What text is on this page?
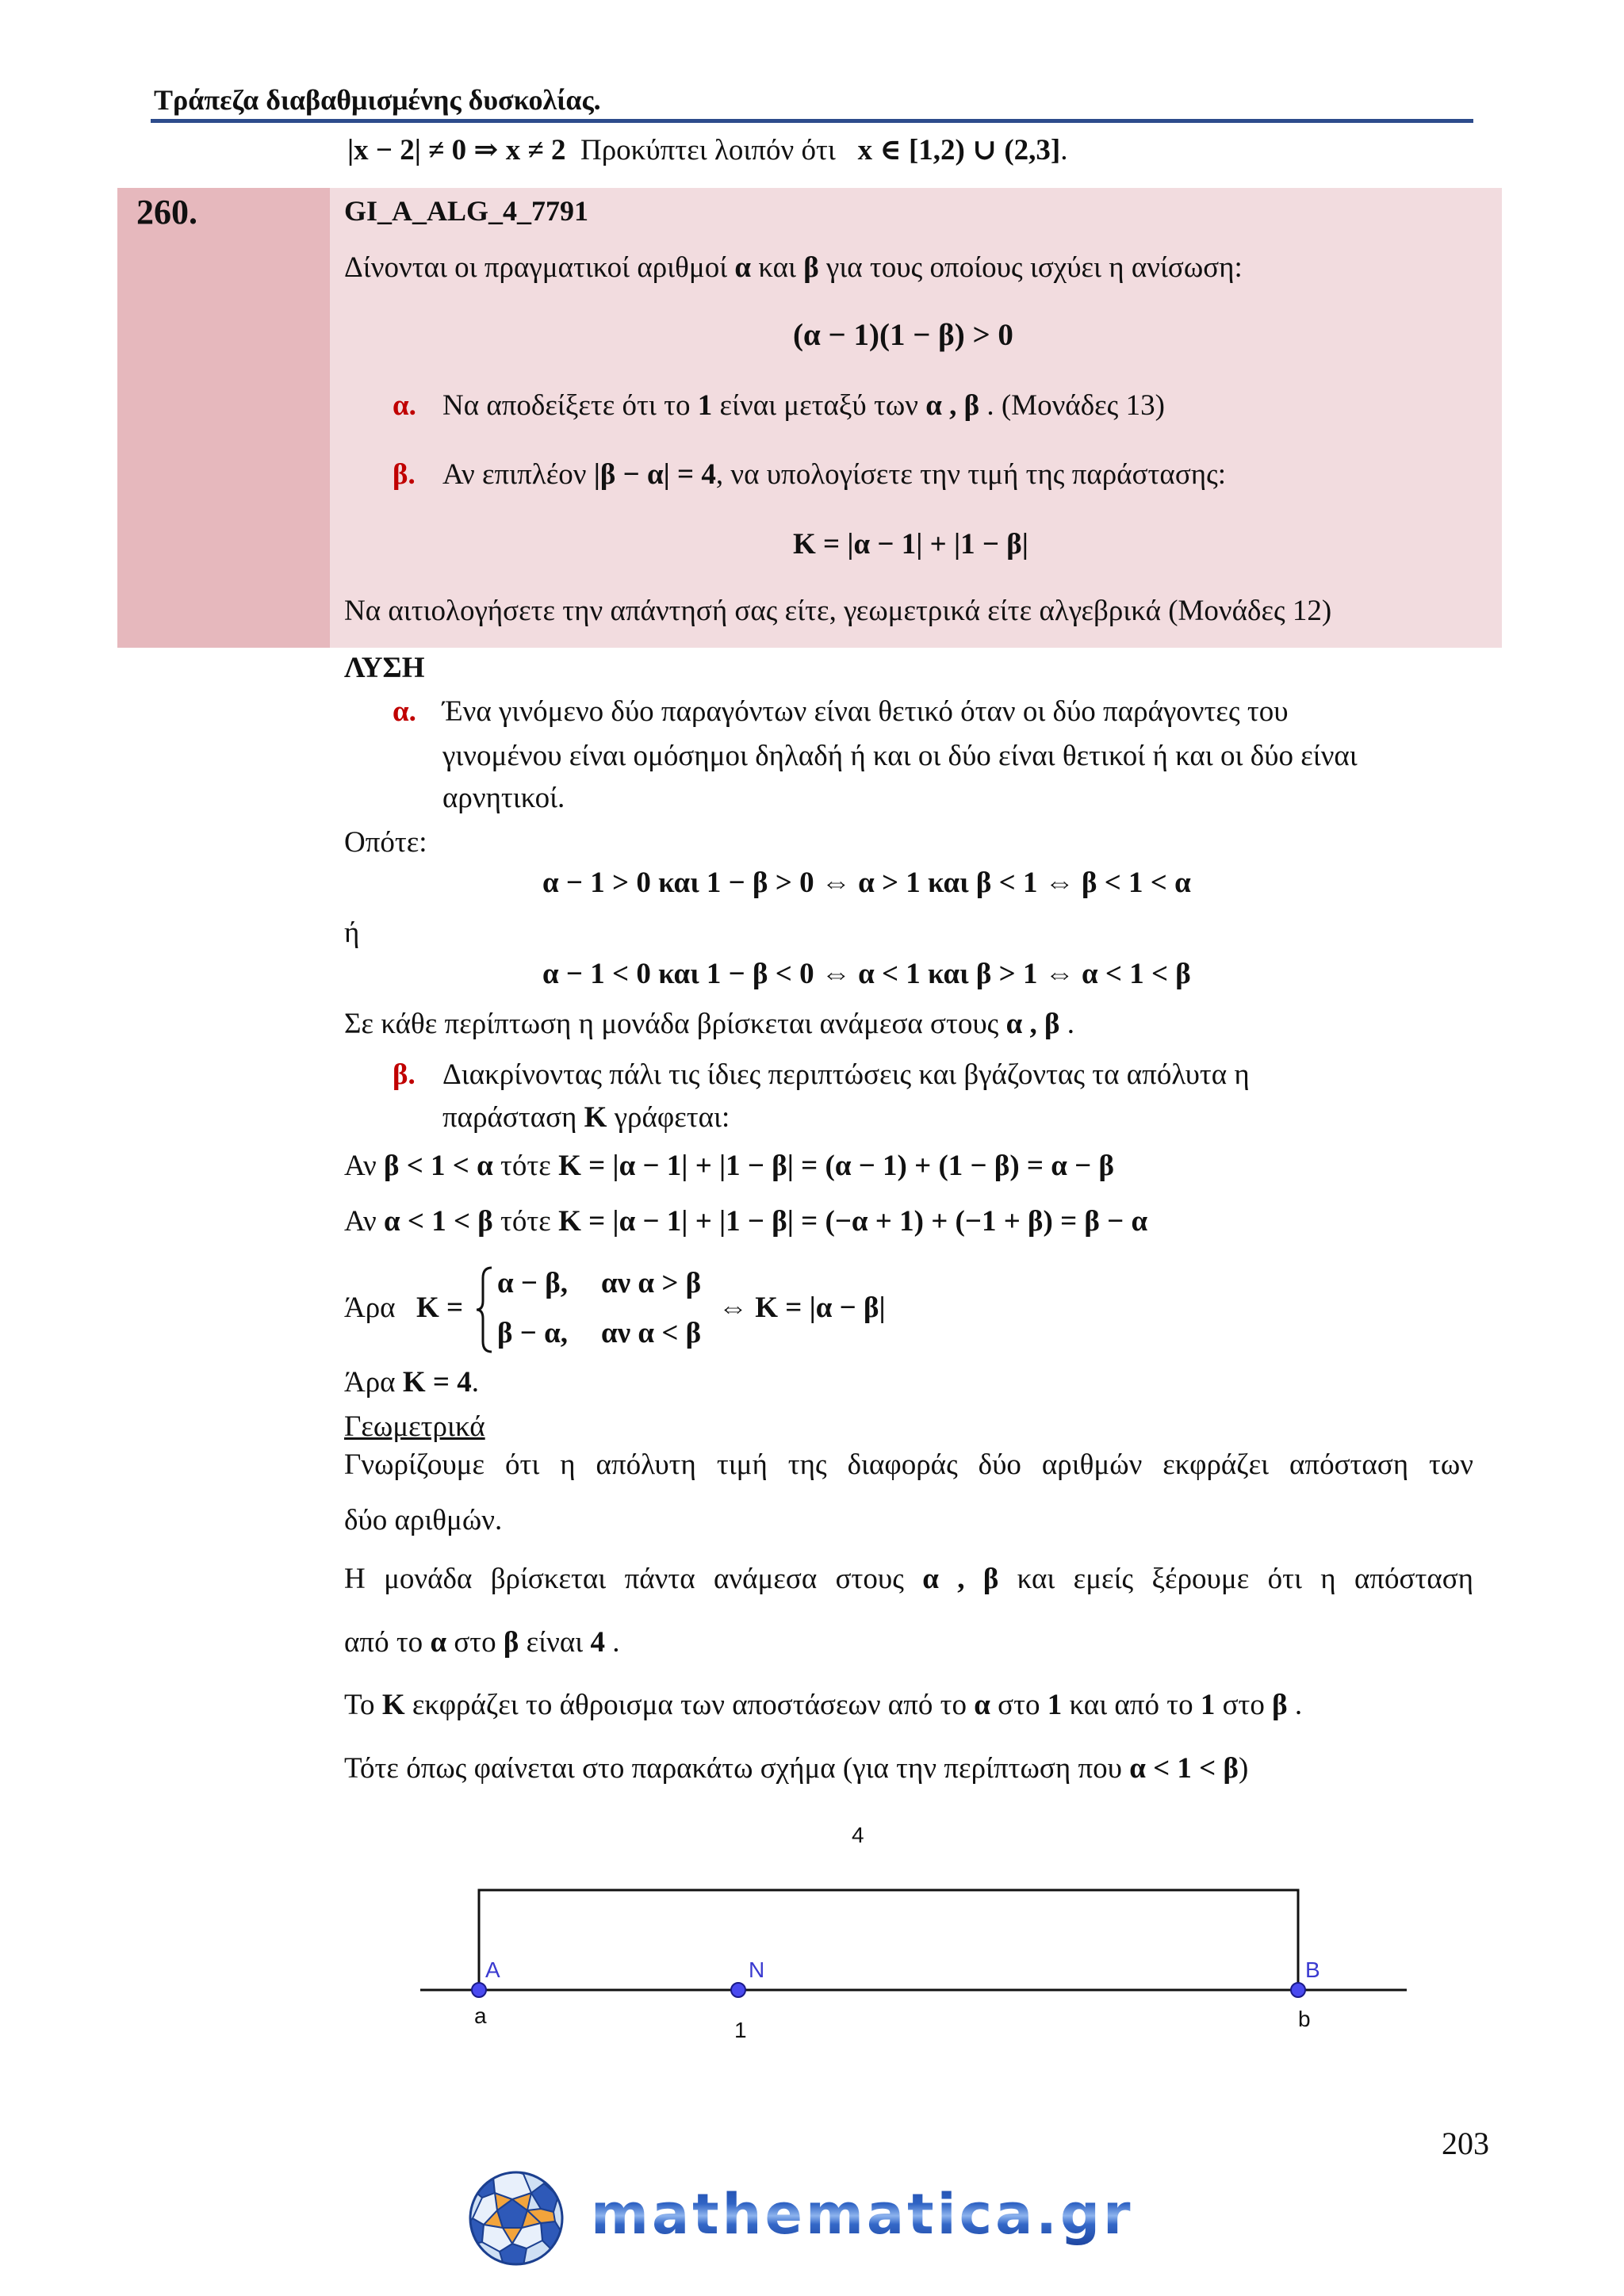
Τράπεζα διαβαθμισμένης δυσκολίας.
|x − 2| ≠ 0 ⇒ x ≠ 2 Προκύπτει λοιπόν ότι x ∈ [1,2) ∪ (2,3].
260.	GI_A_ALG_4_7791
Δίνονται οι πραγματικοί αριθμοί α και β για τους οποίους ισχύει η ανίσωση:
(α − 1)(1 − β) > 0
α. Να αποδείξετε ότι το 1 είναι μεταξύ των α , β . (Μονάδες 13)
β. Αν επιπλέον |β − α| = 4, να υπολογίσετε την τιμή της παράστασης:
K = |α − 1| + |1 − β|
Να αιτιολογήσετε την απάντησή σας είτε, γεωμετρικά είτε αλγεβρικά (Μονάδες 12)
ΛΥΣΗ
α. Ένα γινόμενο δύο παραγόντων είναι θετικό όταν οι δύο παράγοντες του
γινομένου είναι ομόσημοι δηλαδή ή και οι δύο είναι θετικοί ή και οι δύο είναι
αρνητικοί.
Οπότε:
α − 1 > 0 και 1 − β > 0 ⇔ α > 1 και β < 1 ⇔ β < 1 < α
ή
α − 1 < 0 και 1 − β < 0 ⇔ α < 1 και β > 1 ⇔ α < 1 < β
Σε κάθε περίπτωση η μονάδα βρίσκεται ανάμεσα στους α , β .
β. Διακρίνοντας πάλι τις ίδιες περιπτώσεις και βγάζοντας τα απόλυτα η
παράσταση K γράφεται:
Αν β < 1 < α τότε K = |α − 1| + |1 − β| = (α − 1) + (1 − β) = α − β
Αν α < 1 < β τότε K = |α − 1| + |1 − β| = (−α + 1) + (−1 + β) = β − α
Άρα K =
α − β, αν α > β
β − α, αν α < β
⇔ K = |α − β|
Άρα K = 4.
Γεωμετρικά
Γνωρίζουμε ότι η απόλυτη τιμή της διαφοράς δύο αριθμών εκφράζει απόσταση των
δύο αριθμών.
Η μονάδα βρίσκεται πάντα ανάμεσα στους α , β και εμείς ξέρουμε ότι η απόσταση
από το α στο β είναι 4 .
Το K εκφράζει το άθροισμα των αποστάσεων από το α στο 1 και από το 1 στο β .
Τότε όπως φαίνεται στο παρακάτω σχήμα (για την περίπτωση που α < 1 < β)
4
A	N	B
a
1	b
203
mathematica.gr
